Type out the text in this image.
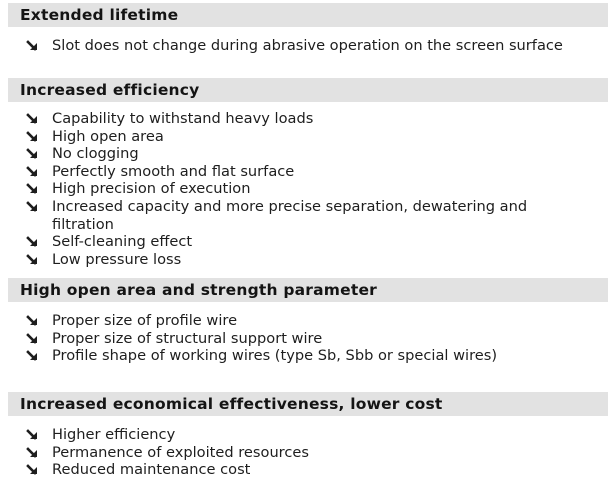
Extended lifetime
Slot does not change during abrasive operation on the screen surface
Increased efficiency
Capability to withstand heavy loads
High open area
No clogging
Perfectly smooth and flat surface
High precision of execution
Increased capacity and more precise separation, dewatering and filtration
Self-cleaning effect
Low pressure loss
High open area and strength parameter
Proper size of profile wire
Proper size of structural support wire
Profile shape of working wires (type Sb, Sbb or special wires)
Increased economical effectiveness, lower cost
Higher efficiency
Permanence of exploited resources
Reduced maintenance cost
